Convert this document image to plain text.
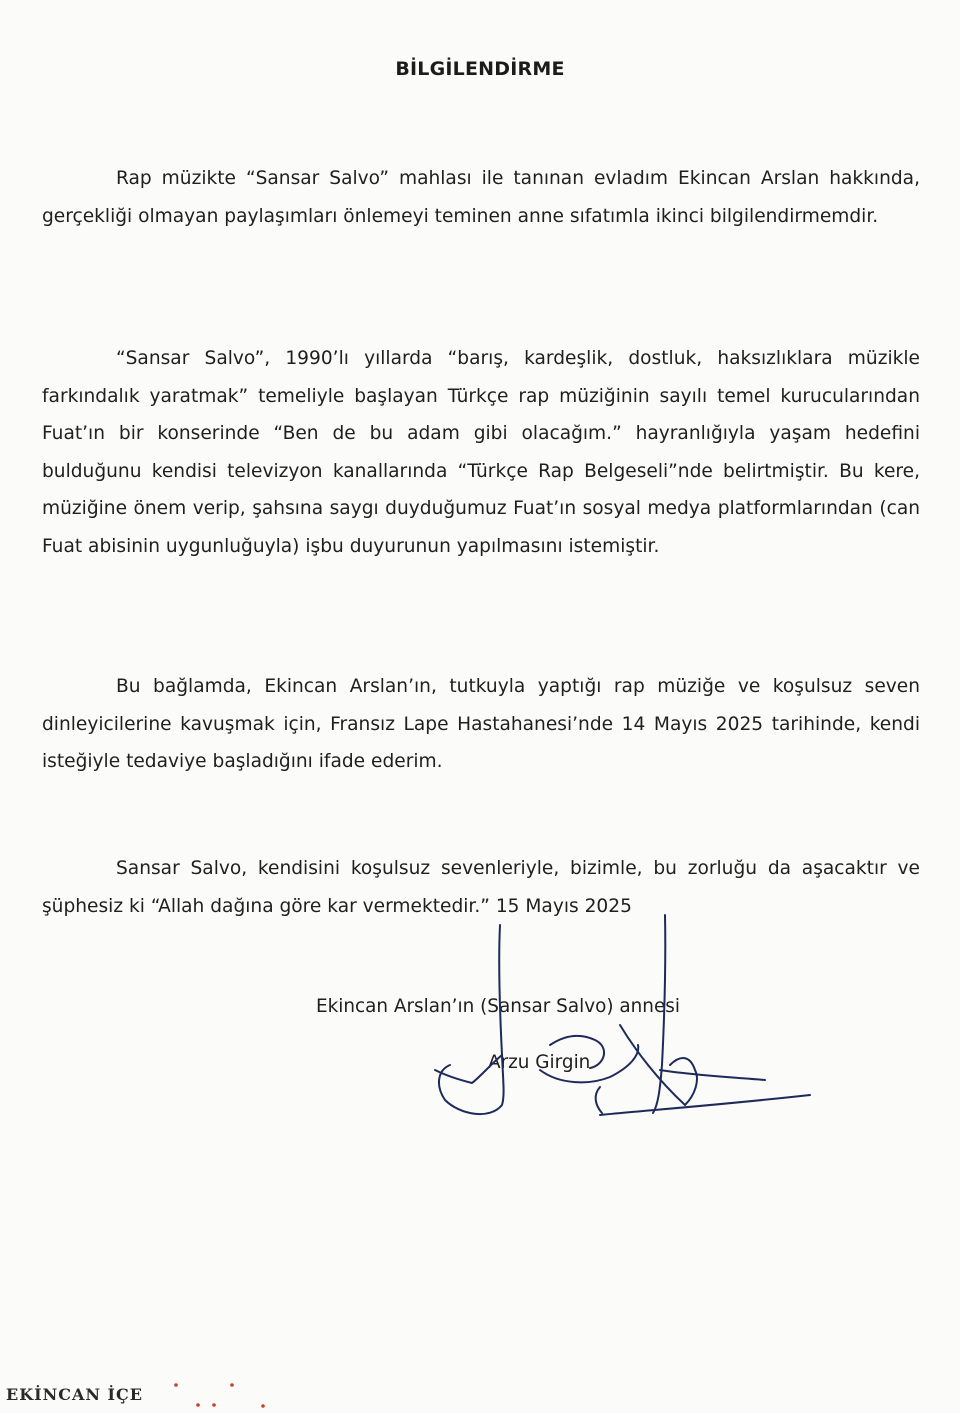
BİLGİLENDİRME

Rap müzikte “Sansar Salvo” mahlası ile tanınan evladım Ekincan Arslan hakkında, gerçekliği olmayan paylaşımları önlemeyi teminen anne sıfatımla ikinci bilgilendirmemdir.

“Sansar Salvo”, 1990’lı yıllarda “barış, kardeşlik, dostluk, haksızlıklara müzikle farkındalık yaratmak” temeliyle başlayan Türkçe rap müziğinin sayılı temel kurucularından Fuat’ın bir konserinde “Ben de bu adam gibi olacağım.” hayranlığıyla yaşam hedefini bulduğunu kendisi televizyon kanallarında “Türkçe Rap Belgeseli”nde belirtmiştir. Bu kere, müziğine önem verip, şahsına saygı duyduğumuz Fuat’ın sosyal medya platformlarından (can Fuat abisinin uygunluğuyla) işbu duyurunun yapılmasını istemiştir.

Bu bağlamda, Ekincan Arslan’ın, tutkuyla yaptığı rap müziğe ve koşulsuz seven dinleyicilerine kavuşmak için, Fransız Lape Hastahanesi’nde 14 Mayıs 2025 tarihinde, kendi isteğiyle tedaviye başladığını ifade ederim.

Sansar Salvo, kendisini koşulsuz sevenleriyle, bizimle, bu zorluğu da aşacaktır ve şüphesiz ki “Allah dağına göre kar vermektedir.” 15 Mayıs 2025

Ekincan Arslan’ın (Sansar Salvo) annesi
Arzu Girgin
EKİNCAN İÇE
